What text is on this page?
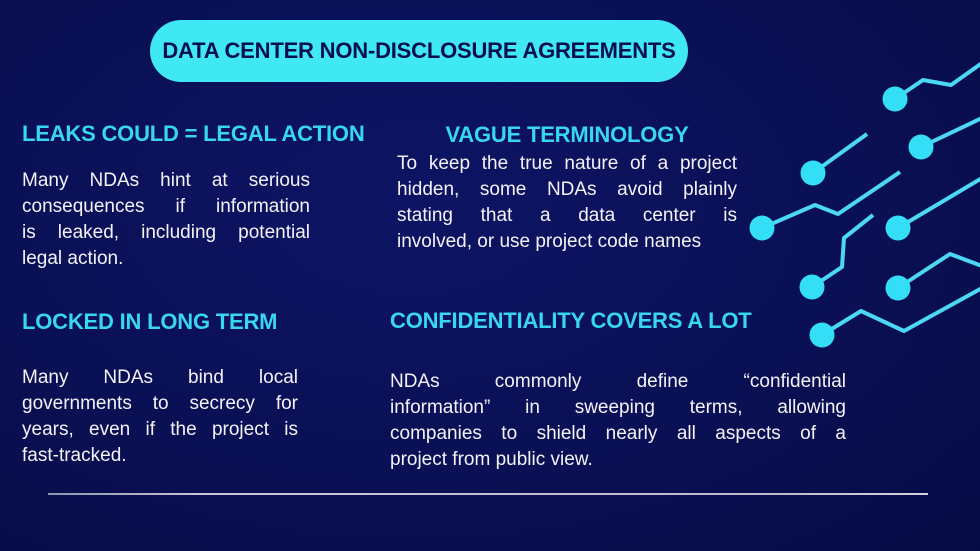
DATA CENTER NON-DISCLOSURE AGREEMENTS
LEAKS COULD = LEGAL ACTION
Many NDAs hint at serious
consequences if information
is leaked, including potential
legal action.
VAGUE TERMINOLOGY
To keep the true nature of a project
hidden, some NDAs avoid plainly
stating that a data center is
involved, or use project code names
LOCKED IN LONG TERM
Many NDAs bind local
governments to secrecy for
years, even if the project is
fast-tracked.
CONFIDENTIALITY COVERS A LOT
NDAs commonly define “confidential
information” in sweeping terms, allowing
companies to shield nearly all aspects of a
project from public view.
